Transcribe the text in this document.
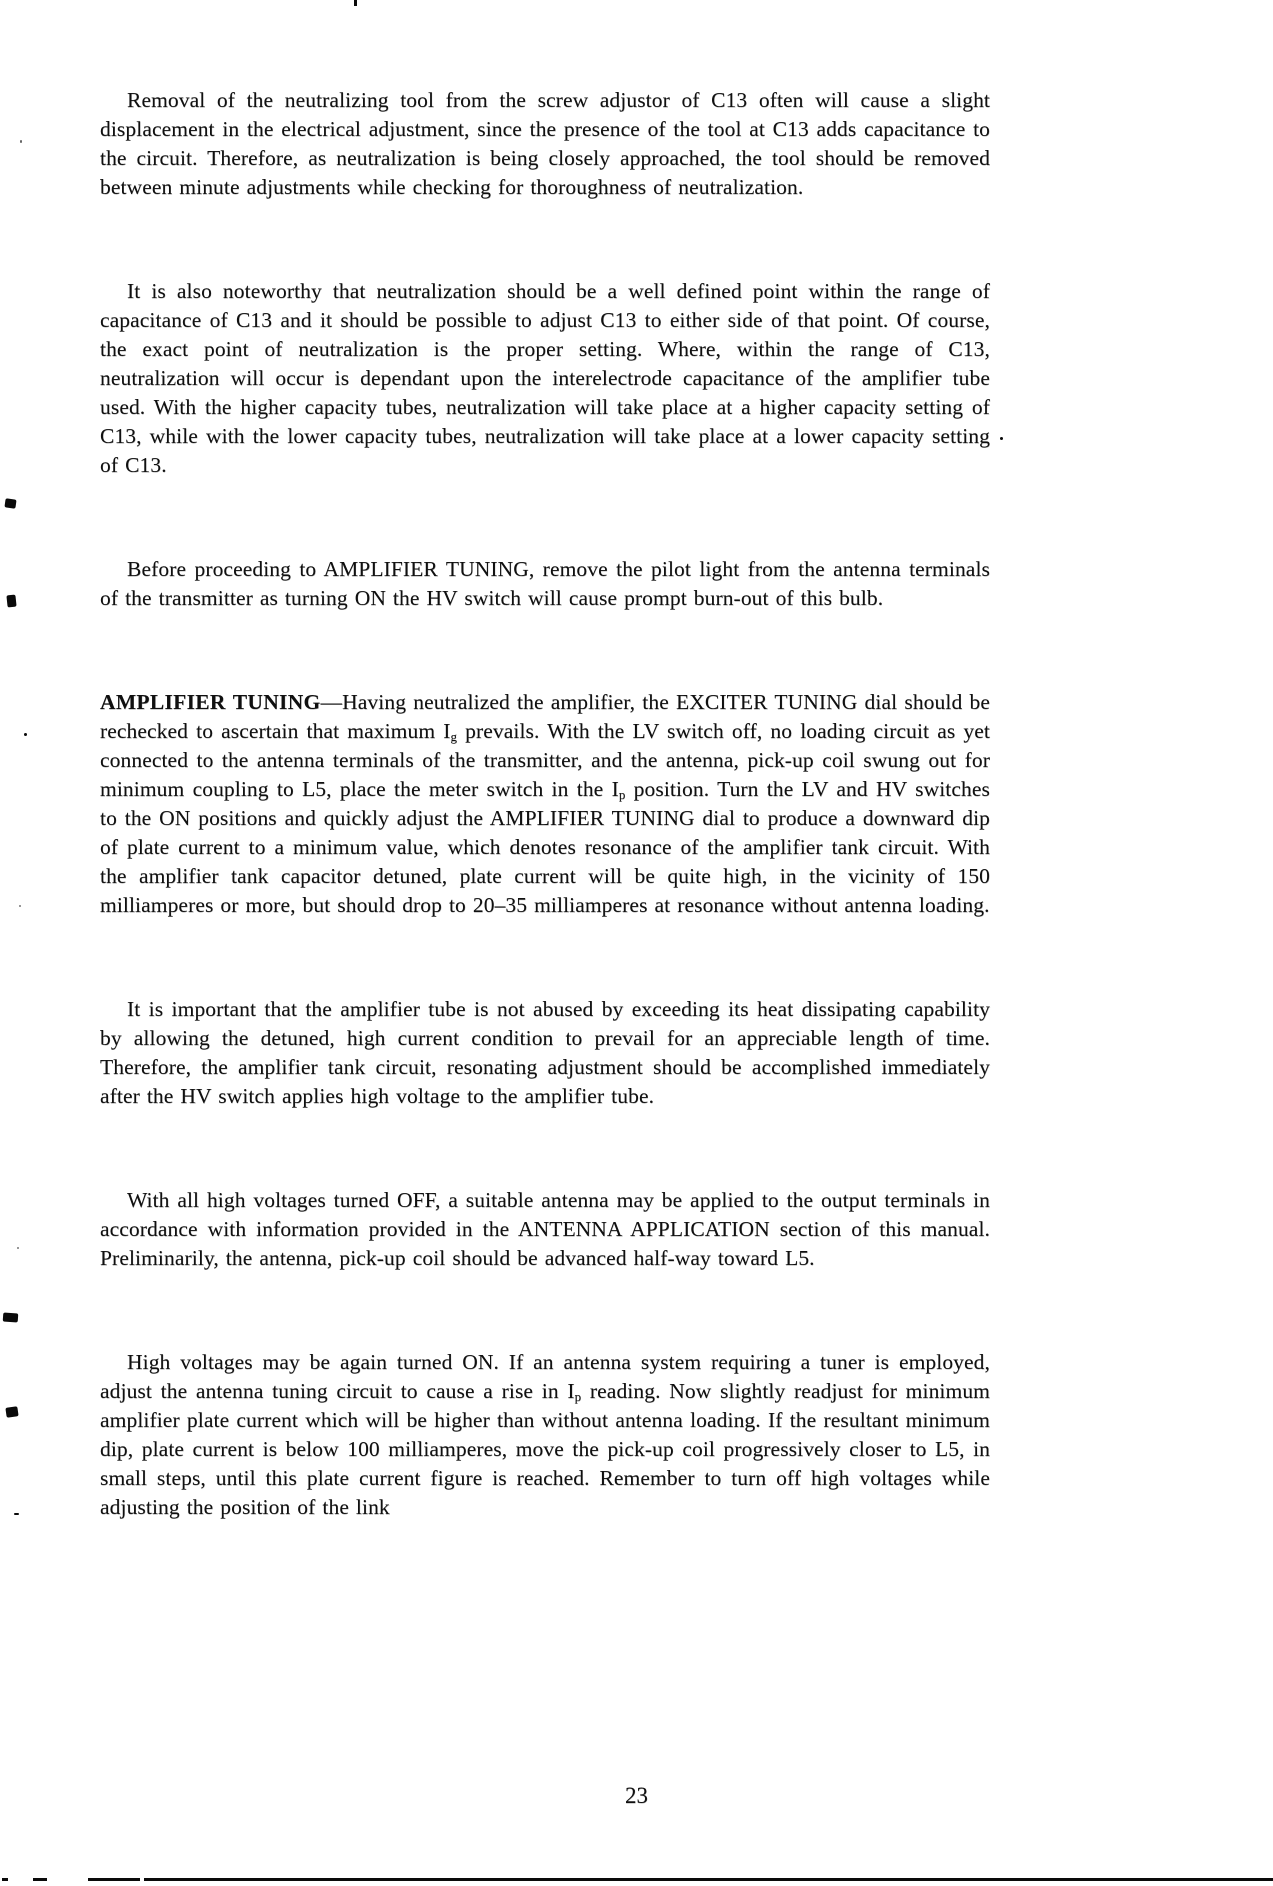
Removal of the neutralizing tool from the screw adjustor of C13 often will cause a slight displacement in the electrical adjustment, since the presence of the tool at C13 adds capacitance to the circuit. Therefore, as neutralization is being closely approached, the tool should be removed between minute adjustments while checking for thoroughness of neutralization.

It is also noteworthy that neutralization should be a well defined point within the range of capacitance of C13 and it should be possible to adjust C13 to either side of that point. Of course, the exact point of neutralization is the proper setting. Where, within the range of C13, neutralization will occur is dependant upon the interelectrode capacitance of the amplifier tube used. With the higher capacity tubes, neutralization will take place at a higher capacity setting of C13, while with the lower capacity tubes, neutralization will take place at a lower capacity setting of C13.

Before proceeding to AMPLIFIER TUNING, remove the pilot light from the antenna terminals of the transmitter as turning ON the HV switch will cause prompt burn-out of this bulb.

AMPLIFIER TUNING—Having neutralized the amplifier, the EXCITER TUNING dial should be rechecked to ascertain that maximum $I_g$ prevails. With the LV switch off, no loading circuit as yet connected to the antenna terminals of the transmitter, and the antenna, pick-up coil swung out for minimum coupling to L5, place the meter switch in the $I_p$ position. Turn the LV and HV switches to the ON positions and quickly adjust the AMPLIFIER TUNING dial to produce a downward dip of plate current to a minimum value, which denotes resonance of the amplifier tank circuit. With the amplifier tank capacitor detuned, plate current will be quite high, in the vicinity of 150 milliamperes or more, but should drop to 20–35 milliamperes at resonance without antenna loading.

It is important that the amplifier tube is not abused by exceeding its heat dissipating capability by allowing the detuned, high current condition to prevail for an appreciable length of time. Therefore, the amplifier tank circuit, resonating adjustment should be accomplished immediately after the HV switch applies high voltage to the amplifier tube.

With all high voltages turned OFF, a suitable antenna may be applied to the output terminals in accordance with information provided in the ANTENNA APPLICATION section of this manual. Preliminarily, the antenna, pick-up coil should be advanced half-way toward L5.

High voltages may be again turned ON. If an antenna system requiring a tuner is employed, adjust the antenna tuning circuit to cause a rise in $I_p$ reading. Now slightly readjust for minimum amplifier plate current which will be higher than without antenna loading. If the resultant minimum dip, plate current is below 100 milliamperes, move the pick-up coil progressively closer to L5, in small steps, until this plate current figure is reached. Remember to turn off high voltages while adjusting the position of the link

23
